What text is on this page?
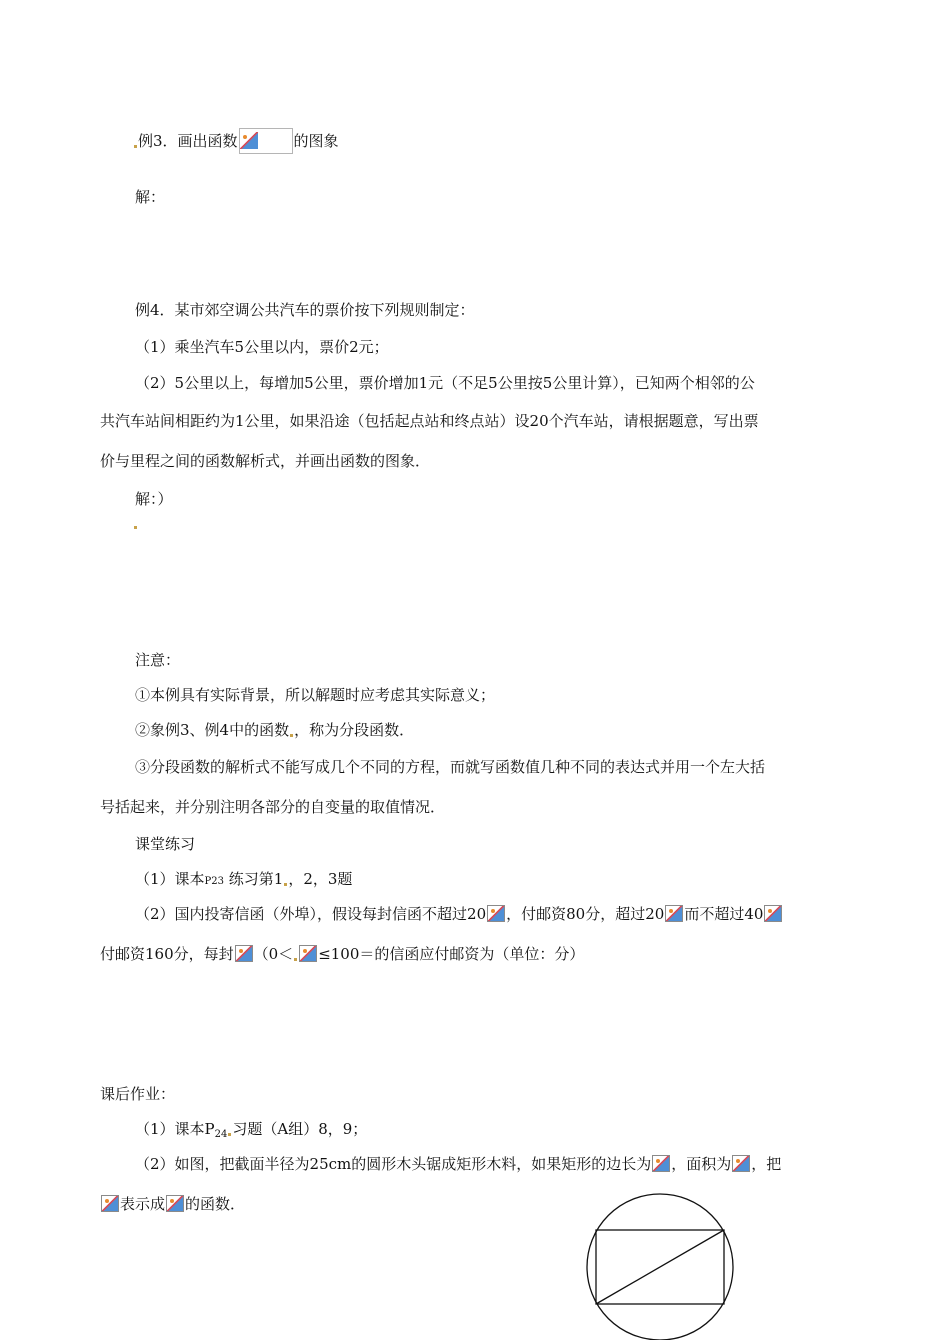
例3．画出函数	的图象
解：
例4．某市郊空调公共汽车的票价按下列规则制定：
（1）乘坐汽车5公里以内，票价2元；
（2）5公里以上，每增加5公里，票价增加1元（不足5公里按5公里计算），已知两个相邻的公
共汽车站间相距约为1公里，如果沿途（包括起点站和终点站）设20个汽车站，请根据题意，写出票
价与里程之间的函数解析式，并画出函数的图象．
解：）
注意：
①本例具有实际背景，所以解题时应考虑其实际意义；
②象例3、例4中的函数 ，称为分段函数．
③分段函数的解析式不能写成几个不同的方程，而就写函数值几种不同的表达式并用一个左大括
号括起来，并分别注明各部分的自变量的取值情况．
课堂练习
（1）课本P23 练习第1 ，2，3题
（2）国内投寄信函（外埠），假设每封信函不超过20 ，付邮资80分，超过20 而不超过40
付邮资160分，每封 （0＜ ≤100＝的信函应付邮资为（单位：分）
课后作业：
（1）课本$P_{24}$ 习题（A组）8，9；
（2）如图，把截面半径为25cm的圆形木头锯成矩形木料，如果矩形的边长为 ，面积为 ，把
表示成 的函数．
